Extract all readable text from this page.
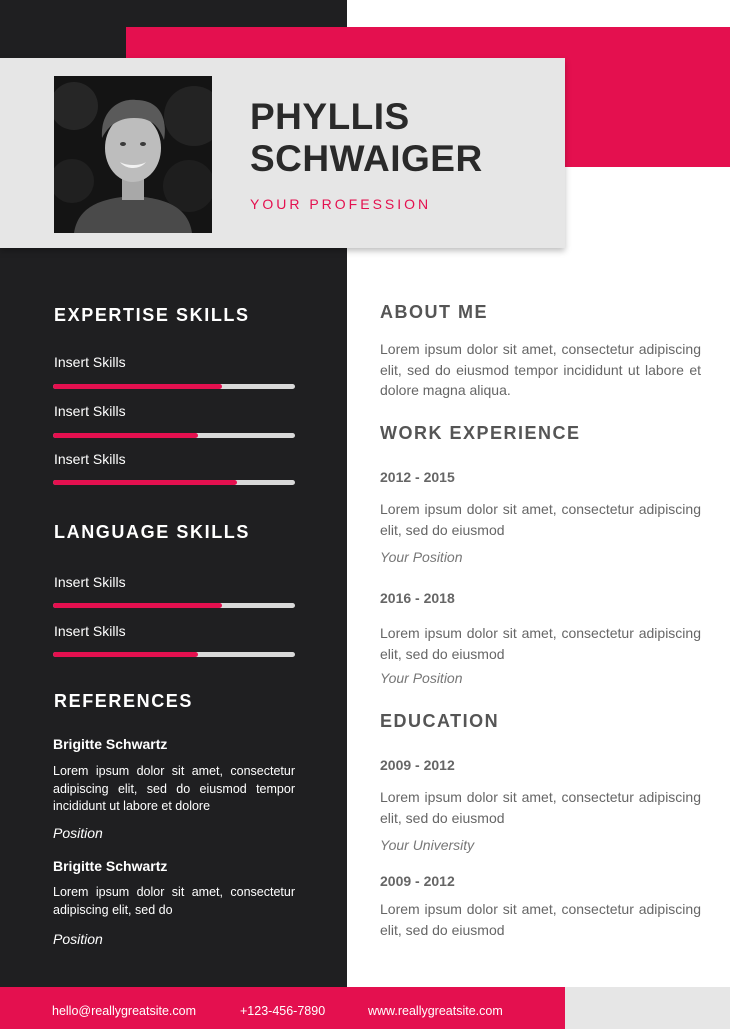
PHYLLIS
SCHWAIGER
YOUR PROFESSION
EXPERTISE SKILLS
Insert Skills
Insert Skills
Insert Skills
LANGUAGE SKILLS
Insert Skills
Insert Skills
REFERENCES
Brigitte Schwartz

Lorem ipsum dolor sit amet, consectetur adipiscing elit, sed do eiusmod tempor incididunt ut labore et dolore

Position
Brigitte Schwartz

Lorem ipsum dolor sit amet, consectetur adipiscing elit, sed do

Position
ABOUT ME

Lorem ipsum dolor sit amet, consectetur adipiscing elit, sed do eiusmod tempor incididunt ut labore et dolore magna aliqua.

WORK EXPERIENCE
2012 - 2015

Lorem ipsum dolor sit amet, consectetur adipiscing elit, sed do eiusmod

Your Position
2016 - 2018

Lorem ipsum dolor sit amet, consectetur adipiscing elit, sed do eiusmod

Your Position
EDUCATION
2009 - 2012

Lorem ipsum dolor sit amet, consectetur adipiscing elit, sed do eiusmod

Your University
2009 - 2012

Lorem ipsum dolor sit amet, consectetur adipiscing elit, sed do eiusmod

hello@reallygreatsite.com	+123-456-7890	www.reallygreatsite.com
